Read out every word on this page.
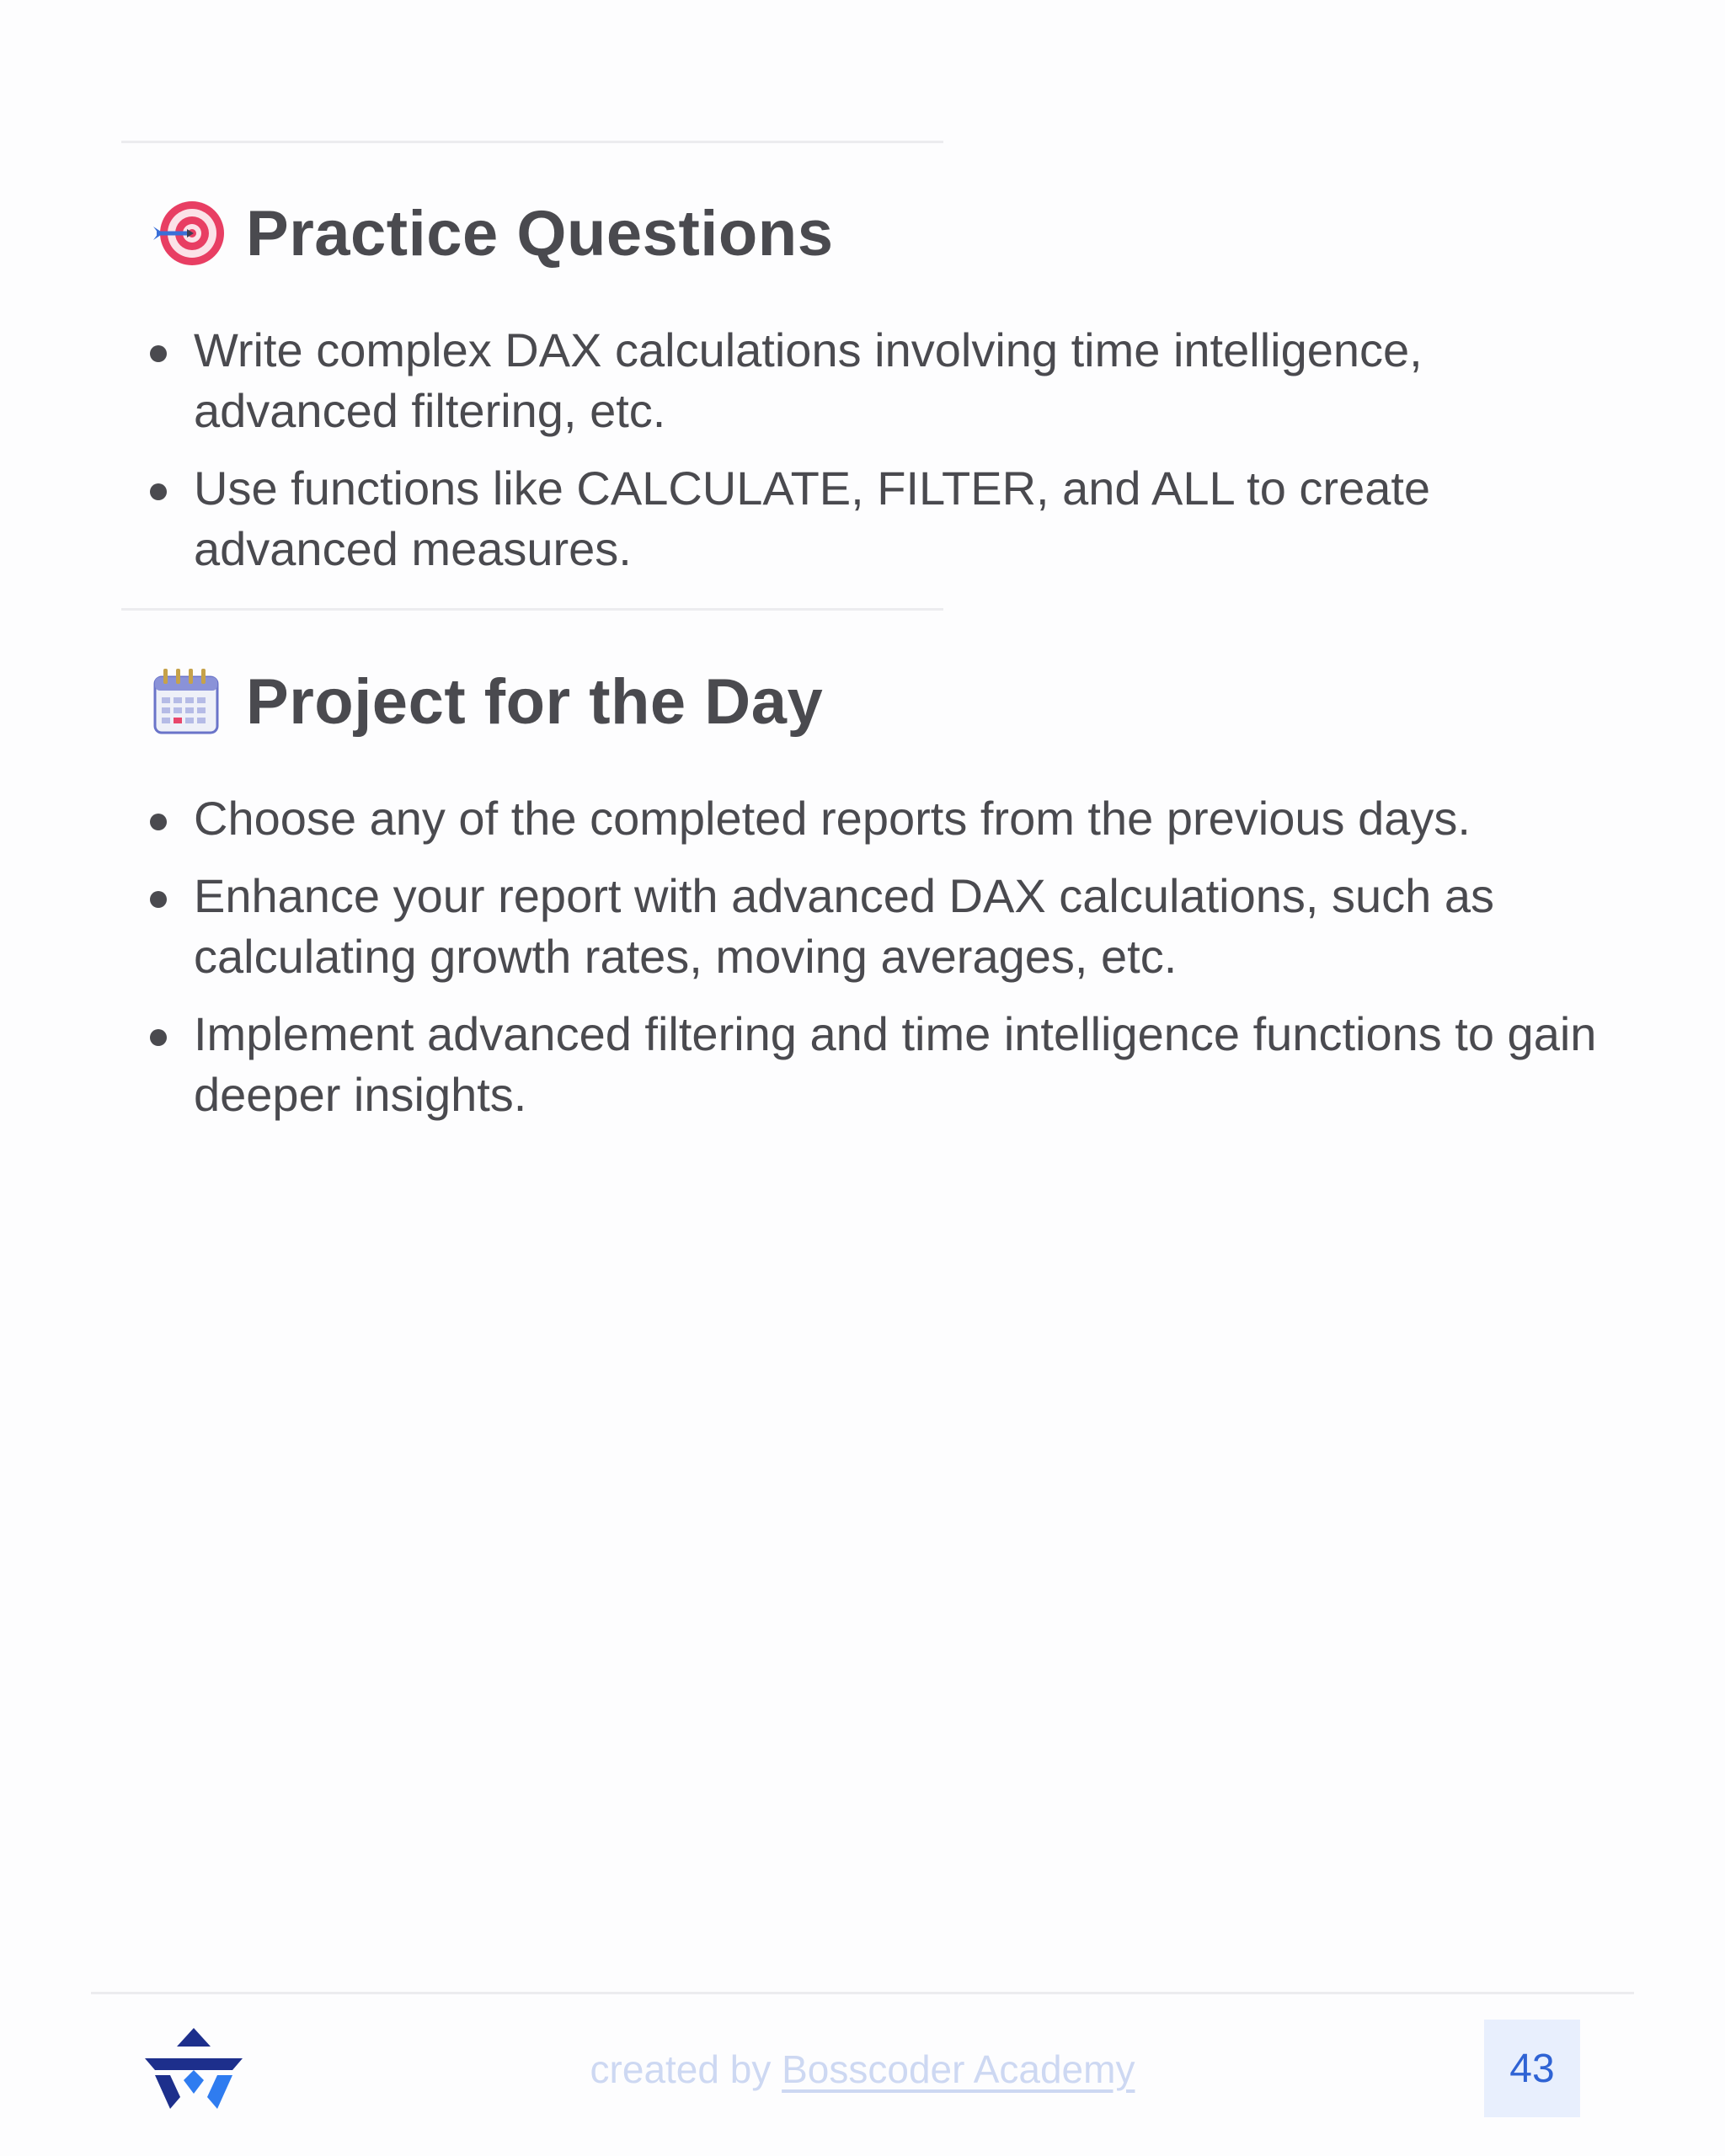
Practice Questions
Write complex DAX calculations involving time intelligence, advanced filtering, etc.
Use functions like CALCULATE, FILTER, and ALL to create advanced measures.
Project for the Day
Choose any of the completed reports from the previous days.
Enhance your report with advanced DAX calculations, such as calculating growth rates, moving averages, etc.
Implement advanced filtering and time intelligence functions to gain deeper insights.
created by Bosscoder Academy	43
